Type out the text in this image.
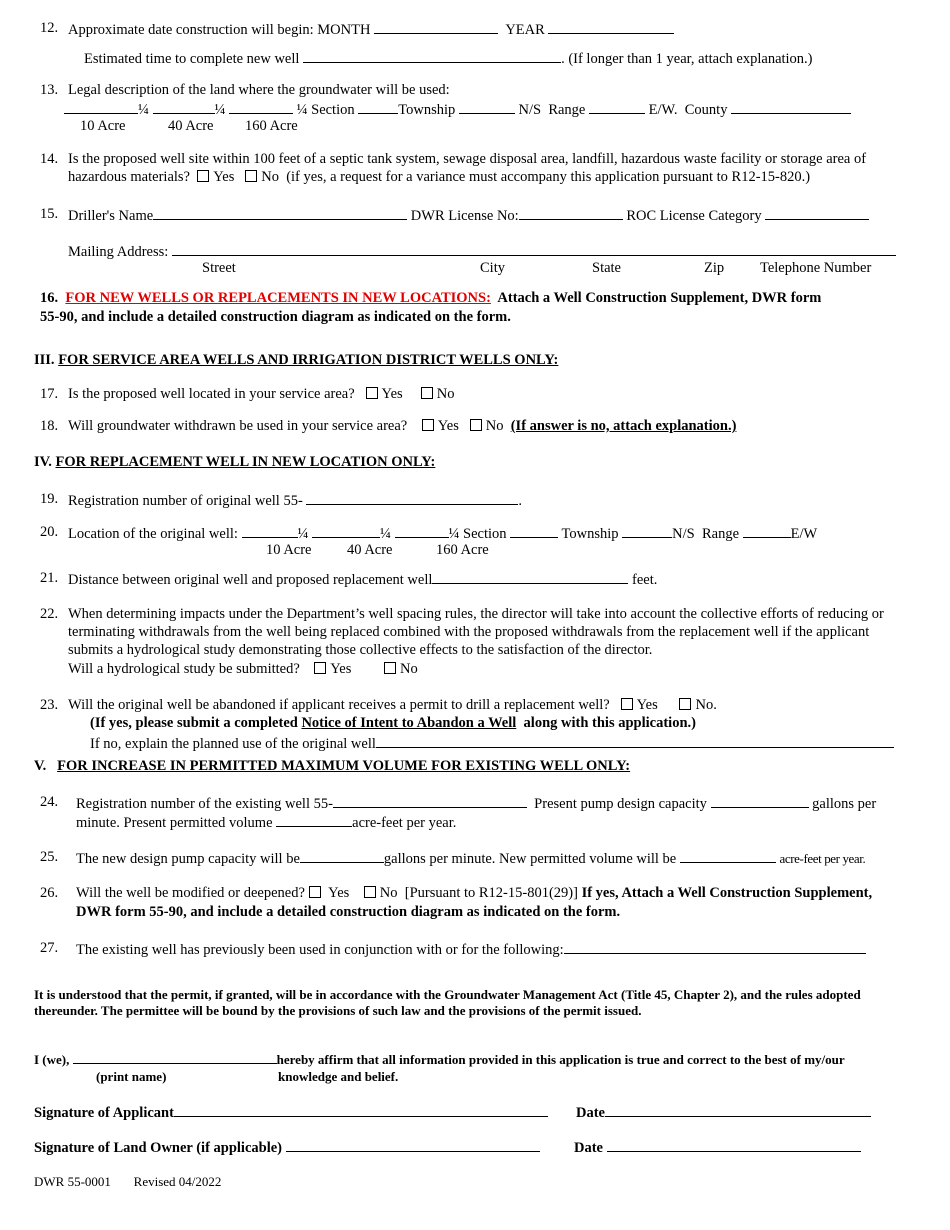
12. Approximate date construction will begin: MONTH	YEAR
Estimated time to complete new well	. (If longer than 1 year, attach explanation.)
13. Legal description of the land where the groundwater will be used:
¼	¼	¼ Section	Township	N/S Range	E/W. County
10 Acre	40 Acre 160 Acre
14. Is the proposed well site within 100 feet of a septic tank system, sewage disposal area, landfill, hazardous waste facility or storage area of
hazardous materials? Yes No (if yes, a request for a variance must accompany this application pursuant to R12-15-820.)
15. Driller's Name	DWR License No:	ROC License Category
Mailing Address:
Street	City	State	Zip Telephone Number
16.  FOR NEW WELLS OR REPLACEMENTS IN NEW LOCATIONS: Attach a Well Construction Supplement, DWR form
55-90, and include a detailed construction diagram as indicated on the form.
III. FOR SERVICE AREA WELLS AND IRRIGATION DISTRICT WELLS ONLY:
17. Is the proposed well located in your service area? Yes No
18. Will groundwater withdrawn be used in your service area? Yes No (If answer is no, attach explanation.)
IV. FOR REPLACEMENT WELL IN NEW LOCATION ONLY:
19. Registration number of original well 55-	.
20. Location of the original well:	¼	¼	¼ Section	Township	N/S Range	E/W
10 Acre 40 Acre	160 Acre
21. Distance between original well and proposed replacement well	feet.
22. When determining impacts under the Department’s well spacing rules, the director will take into account the collective efforts of reducing or
terminating withdrawals from the well being replaced combined with the proposed withdrawals from the replacement well if the applicant
submits a hydrological study demonstrating those collective effects to the satisfaction of the director.
Will a hydrological study be submitted? Yes	No
23. Will the original well be abandoned if applicant receives a permit to drill a replacement well? Yes	No.
(If yes, please submit a completed Notice of Intent to Abandon a Well along with this application.)
If no, explain the planned use of the original well
V. FOR INCREASE IN PERMITTED MAXIMUM VOLUME FOR EXISTING WELL ONLY:
24. Registration number of the existing well 55-	Present pump design capacity	gallons per
minute. Present permitted volume	acre-feet per year.
25. The new design pump capacity will be	gallons per minute. New permitted volume will be	acre-feet per year.
26. Will the well be modified or deepened? Yes No [Pursuant to R12-15-801(29)] If yes, Attach a Well Construction Supplement,
DWR form 55-90, and include a detailed construction diagram as indicated on the form.
27. The existing well has previously been used in conjunction with or for the following:
It is understood that the permit, if granted, will be in accordance with the Groundwater Management Act (Title 45, Chapter 2), and the rules adopted
thereunder. The permittee will be bound by the provisions of such law and the provisions of the permit issued.
I (we),	hereby affirm that all information provided in this application is true and correct to the best of my/our
(print name)	knowledge and belief.
Signature of Applicant	Date
Signature of Land Owner (if applicable)	Date
DWR 55-0001 Revised 04/2022
